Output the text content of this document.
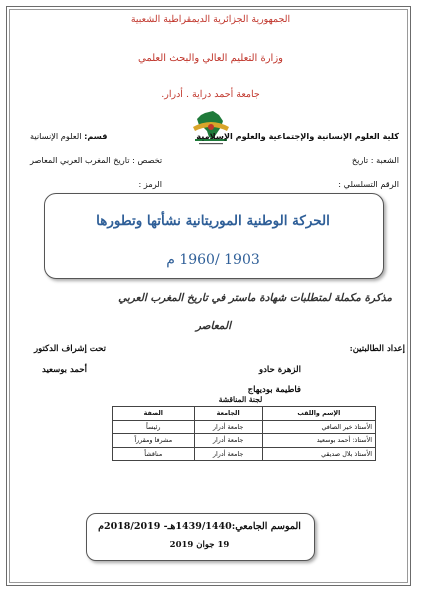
الجمهورية الجزائرية الديمقراطية الشعبية
وزارة التعليم العالي والبحث العلمي
جامعة أحمد دراية . أدرار.
كلية العلوم الإنسانية والإجتماعية والعلوم الإسلامية
قسم: العلوم الإنسانية
الشعبة : تاريخ
تخصص : تاريخ المغرب العربي المعاصر
الرقم التسلسلي :
الرمز :
الحركة الوطنية الموريتانية نشأتها وتطورها
1903 /1960 م
مذكرة مكملة لمتطلبات شهادة ماستر في تاريخ المغرب العربي
المعاصر
إعداد الطالبتين:
تحت إشراف الدكتور
الزهرة حادو
أحمد بوسعيد
فاطيمة بوديهاج
لجنة المناقشة
الإسم واللقب	الجامعة	الصفة
الأستاذ خير الصافي	جامعة أدرار	رئيساً
الأستاذ: أحمد بوسعيد	جامعة أدرار	مشرفا ومقرراً
الأستاذ بلال صديقي	جامعة أدرار	مناقشاً
الموسم الجامعي:1439/1440هـ- 2018/2019م
19 جوان 2019
